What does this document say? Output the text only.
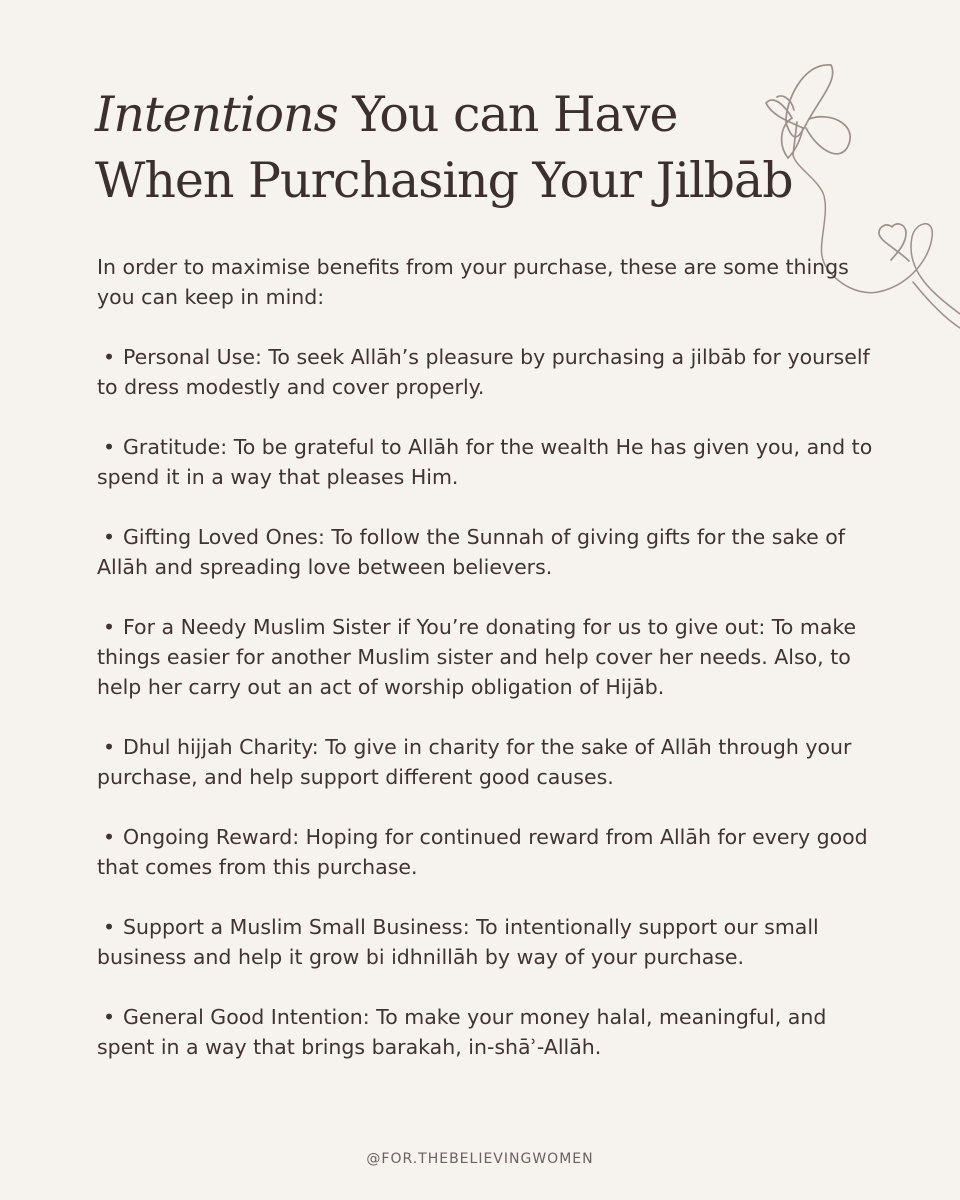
Intentions You can Have
When Purchasing Your Jilbāb

In order to maximise benefits from your purchase, these are some things you can keep in mind:

• Personal Use: To seek Allāh’s pleasure by purchasing a jilbāb for yourself to dress modestly and cover properly.

• Gratitude: To be grateful to Allāh for the wealth He has given you, and to spend it in a way that pleases Him.

• Gifting Loved Ones: To follow the Sunnah of giving gifts for the sake of Allāh and spreading love between believers.

• For a Needy Muslim Sister if You’re donating for us to give out: To make things easier for another Muslim sister and help cover her needs. Also, to help her carry out an act of worship obligation of Hijāb.

• Dhul hijjah Charity: To give in charity for the sake of Allāh through your purchase, and help support different good causes.

• Ongoing Reward: Hoping for continued reward from Allāh for every good that comes from this purchase.

• Support a Muslim Small Business: To intentionally support our small business and help it grow bi idhnillāh by way of your purchase.

• General Good Intention: To make your money halal, meaningful, and spent in a way that brings barakah, in-shāʾ-Allāh.

@FOR.THEBELIEVINGWOMEN
